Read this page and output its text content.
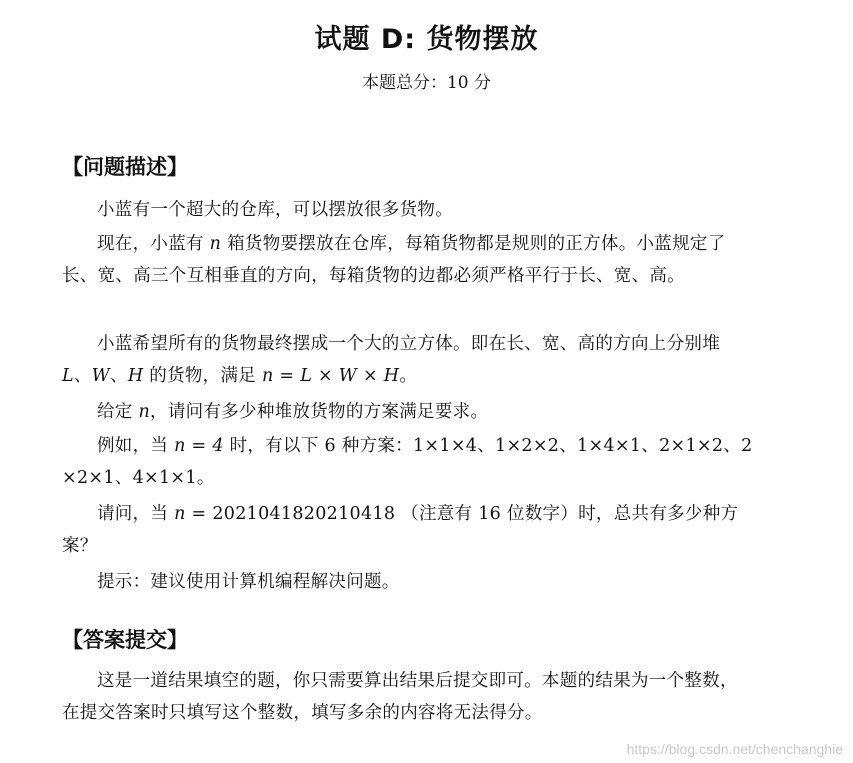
试题 D: 货物摆放
本题总分：10 分
【问题描述】

小蓝有一个超大的仓库，可以摆放很多货物。

现在，小蓝有 n 箱货物要摆放在仓库，每箱货物都是规则的正方体。小蓝规定了长、宽、高三个互相垂直的方向，每箱货物的边都必须严格平行于长、宽、高。

小蓝希望所有的货物最终摆成一个大的立方体。即在长、宽、高的方向上分别堆 L、W、H 的货物，满足 n = L × W × H。

给定 n，请问有多少种堆放货物的方案满足要求。

例如，当 n = 4 时，有以下 6 种方案：1×1×4、1×2×2、1×4×1、2×1×2、2×2×1、4×1×1。

请问，当 n = 2021041820210418 （注意有 16 位数字）时，总共有多少种方案？

提示：建议使用计算机编程解决问题。

【答案提交】

这是一道结果填空的题，你只需要算出结果后提交即可。本题的结果为一个整数，在提交答案时只填写这个整数，填写多余的内容将无法得分。

https://blog.csdn.net/chenchanghie
